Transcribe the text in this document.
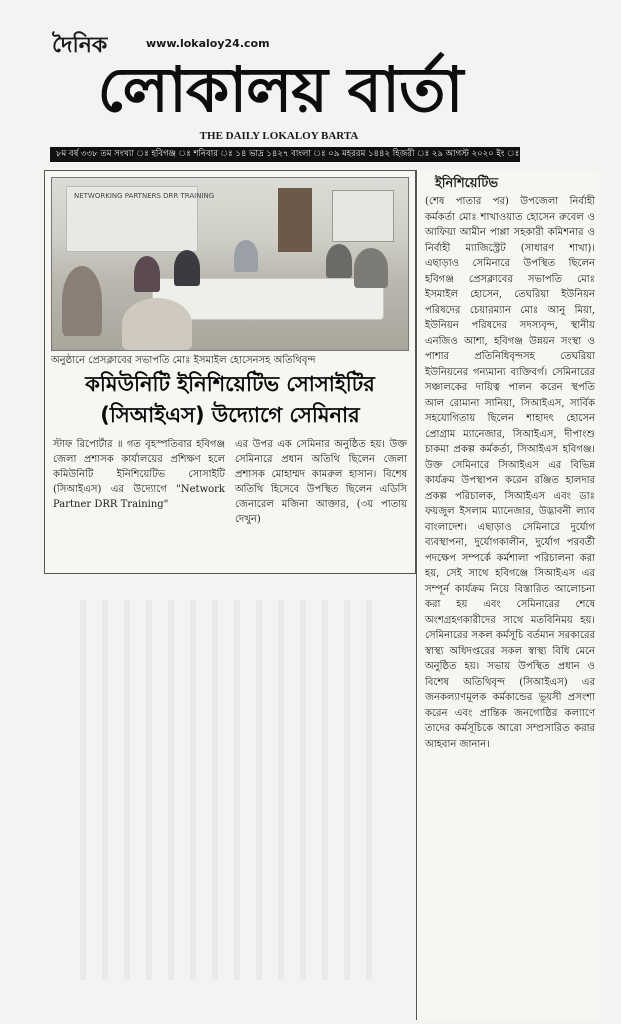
দৈনিক	www.lokaloy24.com
লোকালয় বার্তা
THE DAILY LOKALOY BARTA
৮ম বর্ষ ৩৩৮ তম সংখ্যা ঃ হবিগঞ্জ ঃ শনিবার ঃ ১৪ ভাদ্র ১৪২৭ বাংলা ঃ ০৯ মহররম ১৪৪২ হিজরী ঃ ২৯ আগস্ট ২০২০ ইং ঃ
NETWORKING PARTNERS DRR TRAINING
অনুষ্ঠানে প্রেসক্লাবের সভাপতি মোঃ ইসমাইল হোসেনসহ অতিথিবৃন্দ
কমিউনিটি ইনিশিয়েটিভ সোসাইটির (সিআইএস) উদ্যোগে সেমিনার
স্টাফ রিপোর্টার ॥ গত বৃহস্পতিবার হবিগঞ্জ জেলা প্রশাসক কার্যালয়ের প্রশিক্ষণ হলে কমিউনিটি ইনিশিয়েটিভ সোসাইটি (সিআইএস) এর উদ্যোগে "Network Partner DRR Training"
এর উপর এক সেমিনার অনুষ্ঠিত হয়। উক্ত সেমিনারে প্রধান অতিথি ছিলেন জেলা প্রশাসক মোহাম্মদ কামরুল হাসান। বিশেষ অতিথি হিসেবে উপস্থিত ছিলেন এডিসি জেনারেল মজিনা আক্তার, (৩য় পাতায় দেখুন)
ইনিশিয়েটিভ
(শেষ পাতার পর) উপজেলা নির্বাহী কর্মকর্তা মোঃ শাখাওয়াত হোসেন রুবেল ও আফিয়া আমীন পাপ্পা সহকারী কমিশনার ও নির্বাহী ম্যাজিস্ট্রেট (সাধারণ শাখা)। এছাড়াও সেমিনারে উপস্থিত ছিলেন হবিগঞ্জ প্রেসক্লাবের সভাপতি মোঃ ইসমাইল হোসেন, তেঘরিয়া ইউনিয়ন পরিষদের চেয়ারম্যান মোঃ আনু মিয়া, ইউনিয়ন পরিষদের সদস্যবৃন্দ, স্থানীয় এনজিও আশা, হবিগঞ্জ উন্নয়ন সংস্থা ও পাশার প্রতিনিধিবৃন্দসহ তেঘরিয়া ইউনিয়নের গন্যমান্য ব্যক্তিবর্গ। সেমিনারের সঞ্চালকের দায়িত্ব পালন করেন স্থপতি আল রোমানা সানিয়া, সিআইএস, সার্বিক সহযোগিতায় ছিলেন শাহাদৎ হোসেন প্রোগ্রাম ম্যানেজার, সিআইএস, দীপাংশু চাকমা প্রকল্প কর্মকর্তা, সিআইএস হবিগঞ্জ। উক্ত সেমিনারে সিআইএস এর বিভিন্ন কার্যক্রম উপস্থাপন করেন রঞ্জিত হালদার প্রকল্প পরিচালক, সিআইএস এবং ডাঃ ফয়জুল ইসলাম ম্যানেজার, উদ্ভাবনী ল্যাব বাংলাদেশ। এছাড়াও সেমিনারে দুর্যোগ ব্যবস্থাপনা, দুর্যোগকালীন, দুর্যোগ পরবর্তী পদক্ষেপ সম্পর্কে কর্মশালা পরিচালনা করা হয়, সেই সাথে হবিগঞ্জে সিআইএস এর সম্পূর্ন কার্যক্রম নিয়ে বিস্তারিত আলোচনা করা হয় এবং সেমিনারের শেষে অংশগ্রহণকারীদের সাথে মতবিনিময় হয়। সেমিনারের সকল কর্মসূচি বর্তমান সরকারের স্বাস্থ্য অধিদপ্তরের সকল স্বাস্থ্য বিধি মেনে অনুষ্ঠিত হয়। সভায় উপস্থিত প্রধান ও বিশেষ অতিথিবৃন্দ (সিআইএস) এর জনকল্যাণমূলক কর্মকান্ডের ভূয়সী প্রসংশা করেন এবং প্রান্তিক জনগোষ্ঠির কল্যাণে তাদের কর্মসূচিকে আরো সম্প্রসারিত করার আহবান জানান।
